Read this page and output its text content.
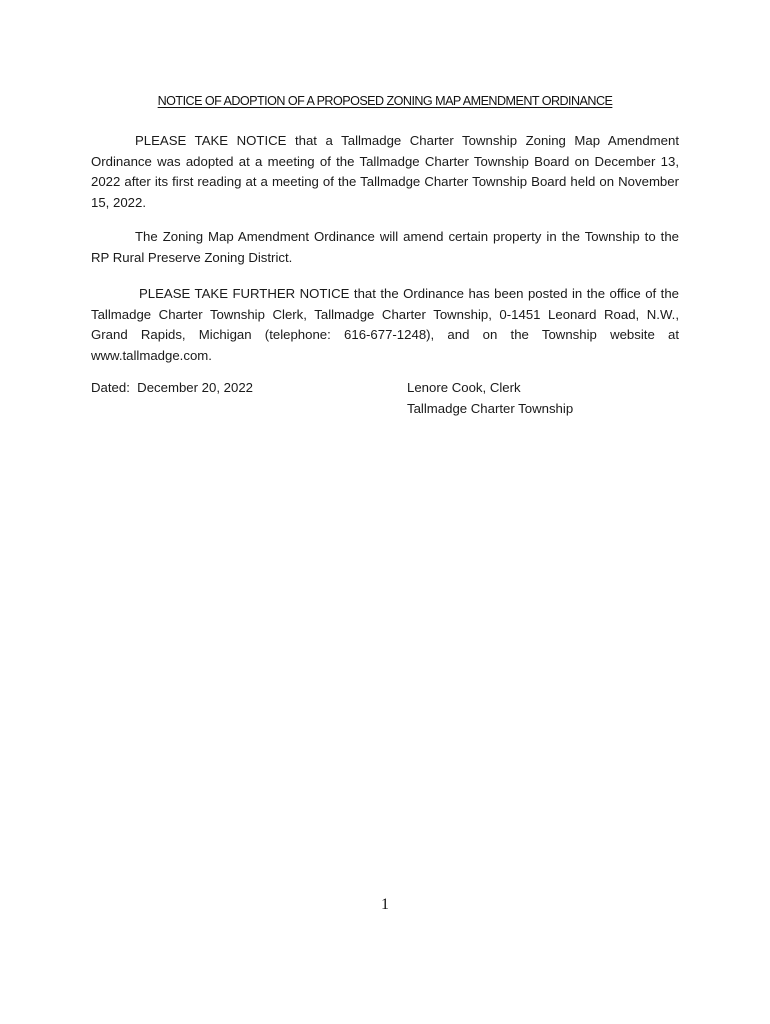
NOTICE OF ADOPTION OF A PROPOSED ZONING MAP AMENDMENT ORDINANCE

PLEASE TAKE NOTICE that a Tallmadge Charter Township Zoning Map Amendment Ordinance was adopted at a meeting of the Tallmadge Charter Township Board on December 13, 2022 after its first reading at a meeting of the Tallmadge Charter Township Board held on November 15, 2022.

The Zoning Map Amendment Ordinance will amend certain property in the Township to the RP Rural Preserve Zoning District.

PLEASE TAKE FURTHER NOTICE that the Ordinance has been posted in the office of the Tallmadge Charter Township Clerk, Tallmadge Charter Township, 0-1451 Leonard Road, N.W., Grand Rapids, Michigan (telephone: 616-677-1248), and on the Township website at www.tallmadge.com.

Dated:  December 20, 2022	Lenore Cook, Clerk
Tallmadge Charter Township
1
